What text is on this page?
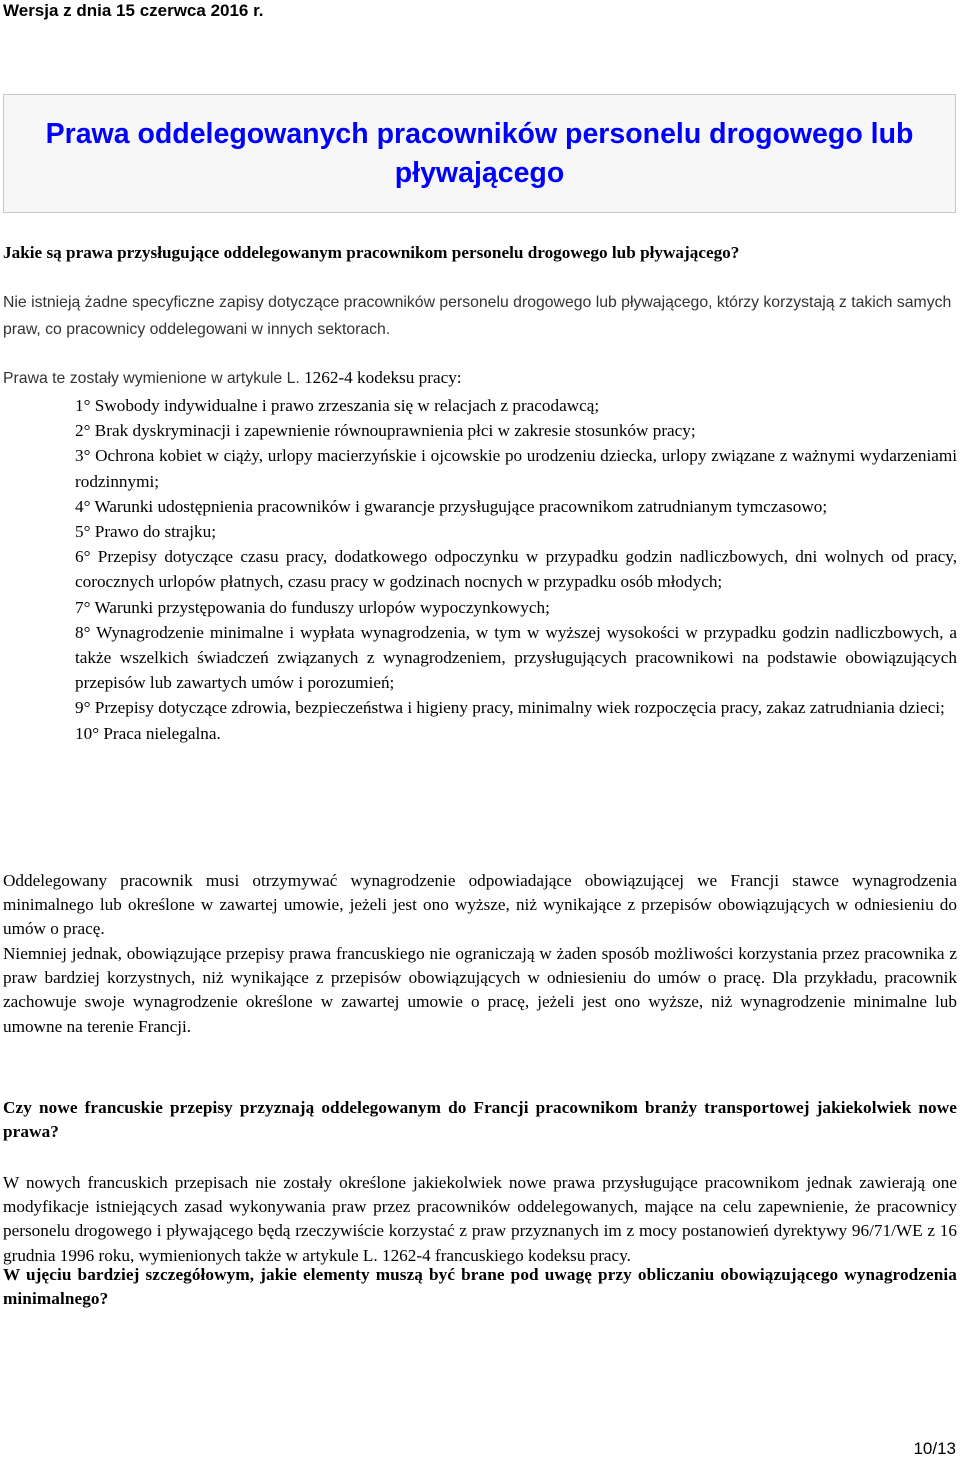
Wersja z dnia 15 czerwca 2016 r.
Prawa oddelegowanych pracowników personelu drogowego lub pływającego

Jakie są prawa przysługujące oddelegowanym pracownikom personelu drogowego lub pływającego?

Nie istnieją żadne specyficzne zapisy dotyczące pracowników personelu drogowego lub pływającego, którzy korzystają z takich samych praw, co pracownicy oddelegowani w innych sektorach.

Prawa te zostały wymienione w artykule L. 1262-4 kodeksu pracy:

1° Swobody indywidualne i prawo zrzeszania się w relacjach z pracodawcą;
2° Brak dyskryminacji i zapewnienie równouprawnienia płci w zakresie stosunków pracy;
3° Ochrona kobiet w ciąży, urlopy macierzyńskie i ojcowskie po urodzeniu dziecka, urlopy związane z ważnymi wydarzeniami rodzinnymi;
4° Warunki udostępnienia pracowników i gwarancje przysługujące pracownikom zatrudnianym tymczasowo;
5° Prawo do strajku;
6° Przepisy dotyczące czasu pracy, dodatkowego odpoczynku w przypadku godzin nadliczbowych, dni wolnych od pracy, corocznych urlopów płatnych, czasu pracy w godzinach nocnych w przypadku osób młodych;
7° Warunki przystępowania do funduszy urlopów wypoczynkowych;
8° Wynagrodzenie minimalne i wypłata wynagrodzenia, w tym w wyższej wysokości w przypadku godzin nadliczbowych, a także wszelkich świadczeń związanych z wynagrodzeniem, przysługujących pracownikowi na podstawie obowiązujących przepisów lub zawartych umów i porozumień;
9° Przepisy dotyczące zdrowia, bezpieczeństwa i higieny pracy, minimalny wiek rozpoczęcia pracy, zakaz zatrudniania dzieci;
10° Praca nielegalna.

Oddelegowany pracownik musi otrzymywać wynagrodzenie odpowiadające obowiązującej we Francji stawce wynagrodzenia minimalnego lub określone w zawartej umowie, jeżeli jest ono wyższe, niż wynikające z przepisów obowiązujących w odniesieniu do umów o pracę.

Niemniej jednak, obowiązujące przepisy prawa francuskiego nie ograniczają w żaden sposób możliwości korzystania przez pracownika z praw bardziej korzystnych, niż wynikające z przepisów obowiązujących w odniesieniu do umów o pracę. Dla przykładu, pracownik zachowuje swoje wynagrodzenie określone w zawartej umowie o pracę, jeżeli jest ono wyższe, niż wynagrodzenie minimalne lub umowne na terenie Francji.

Czy nowe francuskie przepisy przyznają oddelegowanym do Francji pracownikom branży transportowej jakiekolwiek nowe prawa?

W nowych francuskich przepisach nie zostały określone jakiekolwiek nowe prawa przysługujące pracownikom jednak zawierają one modyfikacje istniejących zasad wykonywania praw przez pracowników oddelegowanych, mające na celu zapewnienie, że pracownicy personelu drogowego i pływającego będą rzeczywiście korzystać z praw przyznanych im z mocy postanowień dyrektywy 96/71/WE z 16 grudnia 1996 roku, wymienionych także w artykule L. 1262-4 francuskiego kodeksu pracy.

W ujęciu bardziej szczegółowym, jakie elementy muszą być brane pod uwagę przy obliczaniu obowiązującego wynagrodzenia minimalnego?

10/13
